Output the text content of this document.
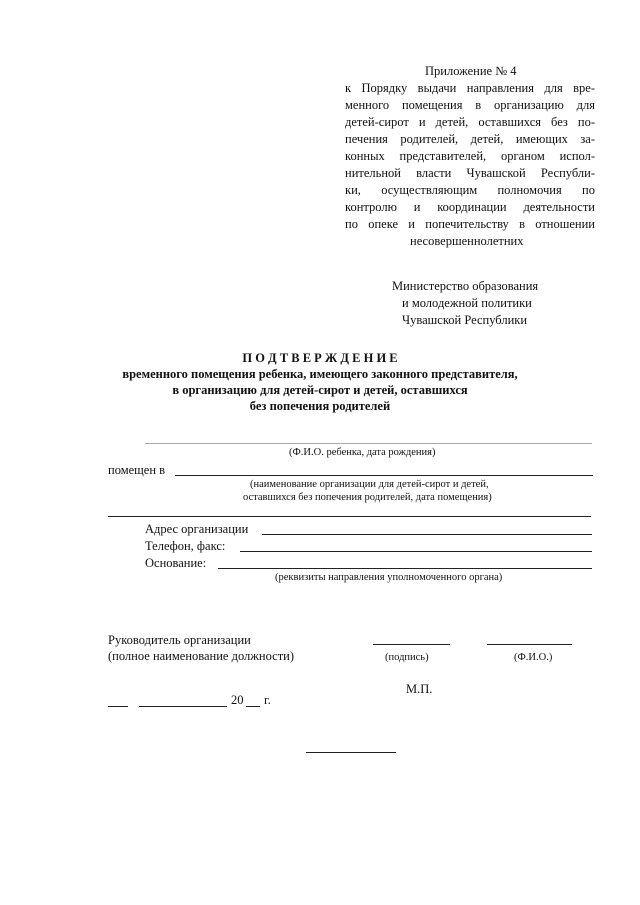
Приложение № 4
к Порядку выдачи направления для вре-
менного помещения в организацию для
детей-сирот и детей, оставшихся без по-
печения родителей, детей, имеющих за-
конных представителей, органом испол-
нительной власти Чувашской Республи-
ки, осуществляющим полномочия по
контролю и координации деятельности
по опеке и попечительству в отношении
несовершеннолетних
Министерство образования
и молодежной политики
Чувашской Республики
П О Д Т В Е Р Ж Д Е Н И Е
временного помещения ребенка, имеющего законного представителя,
в организацию для детей-сирот и детей, оставшихся
без попечения родителей
(Ф.И.О. ребенка, дата рождения)
помещен в
(наименование организации для детей-сирот и детей,
оставшихся без попечения родителей, дата помещения)
Адрес организации
Телефон, факс:
Основание:
(реквизиты направления уполномоченного органа)
Руководитель организации
(полное наименование должности)	(подпись)	(Ф.И.О.)
М.П.
20 г.
